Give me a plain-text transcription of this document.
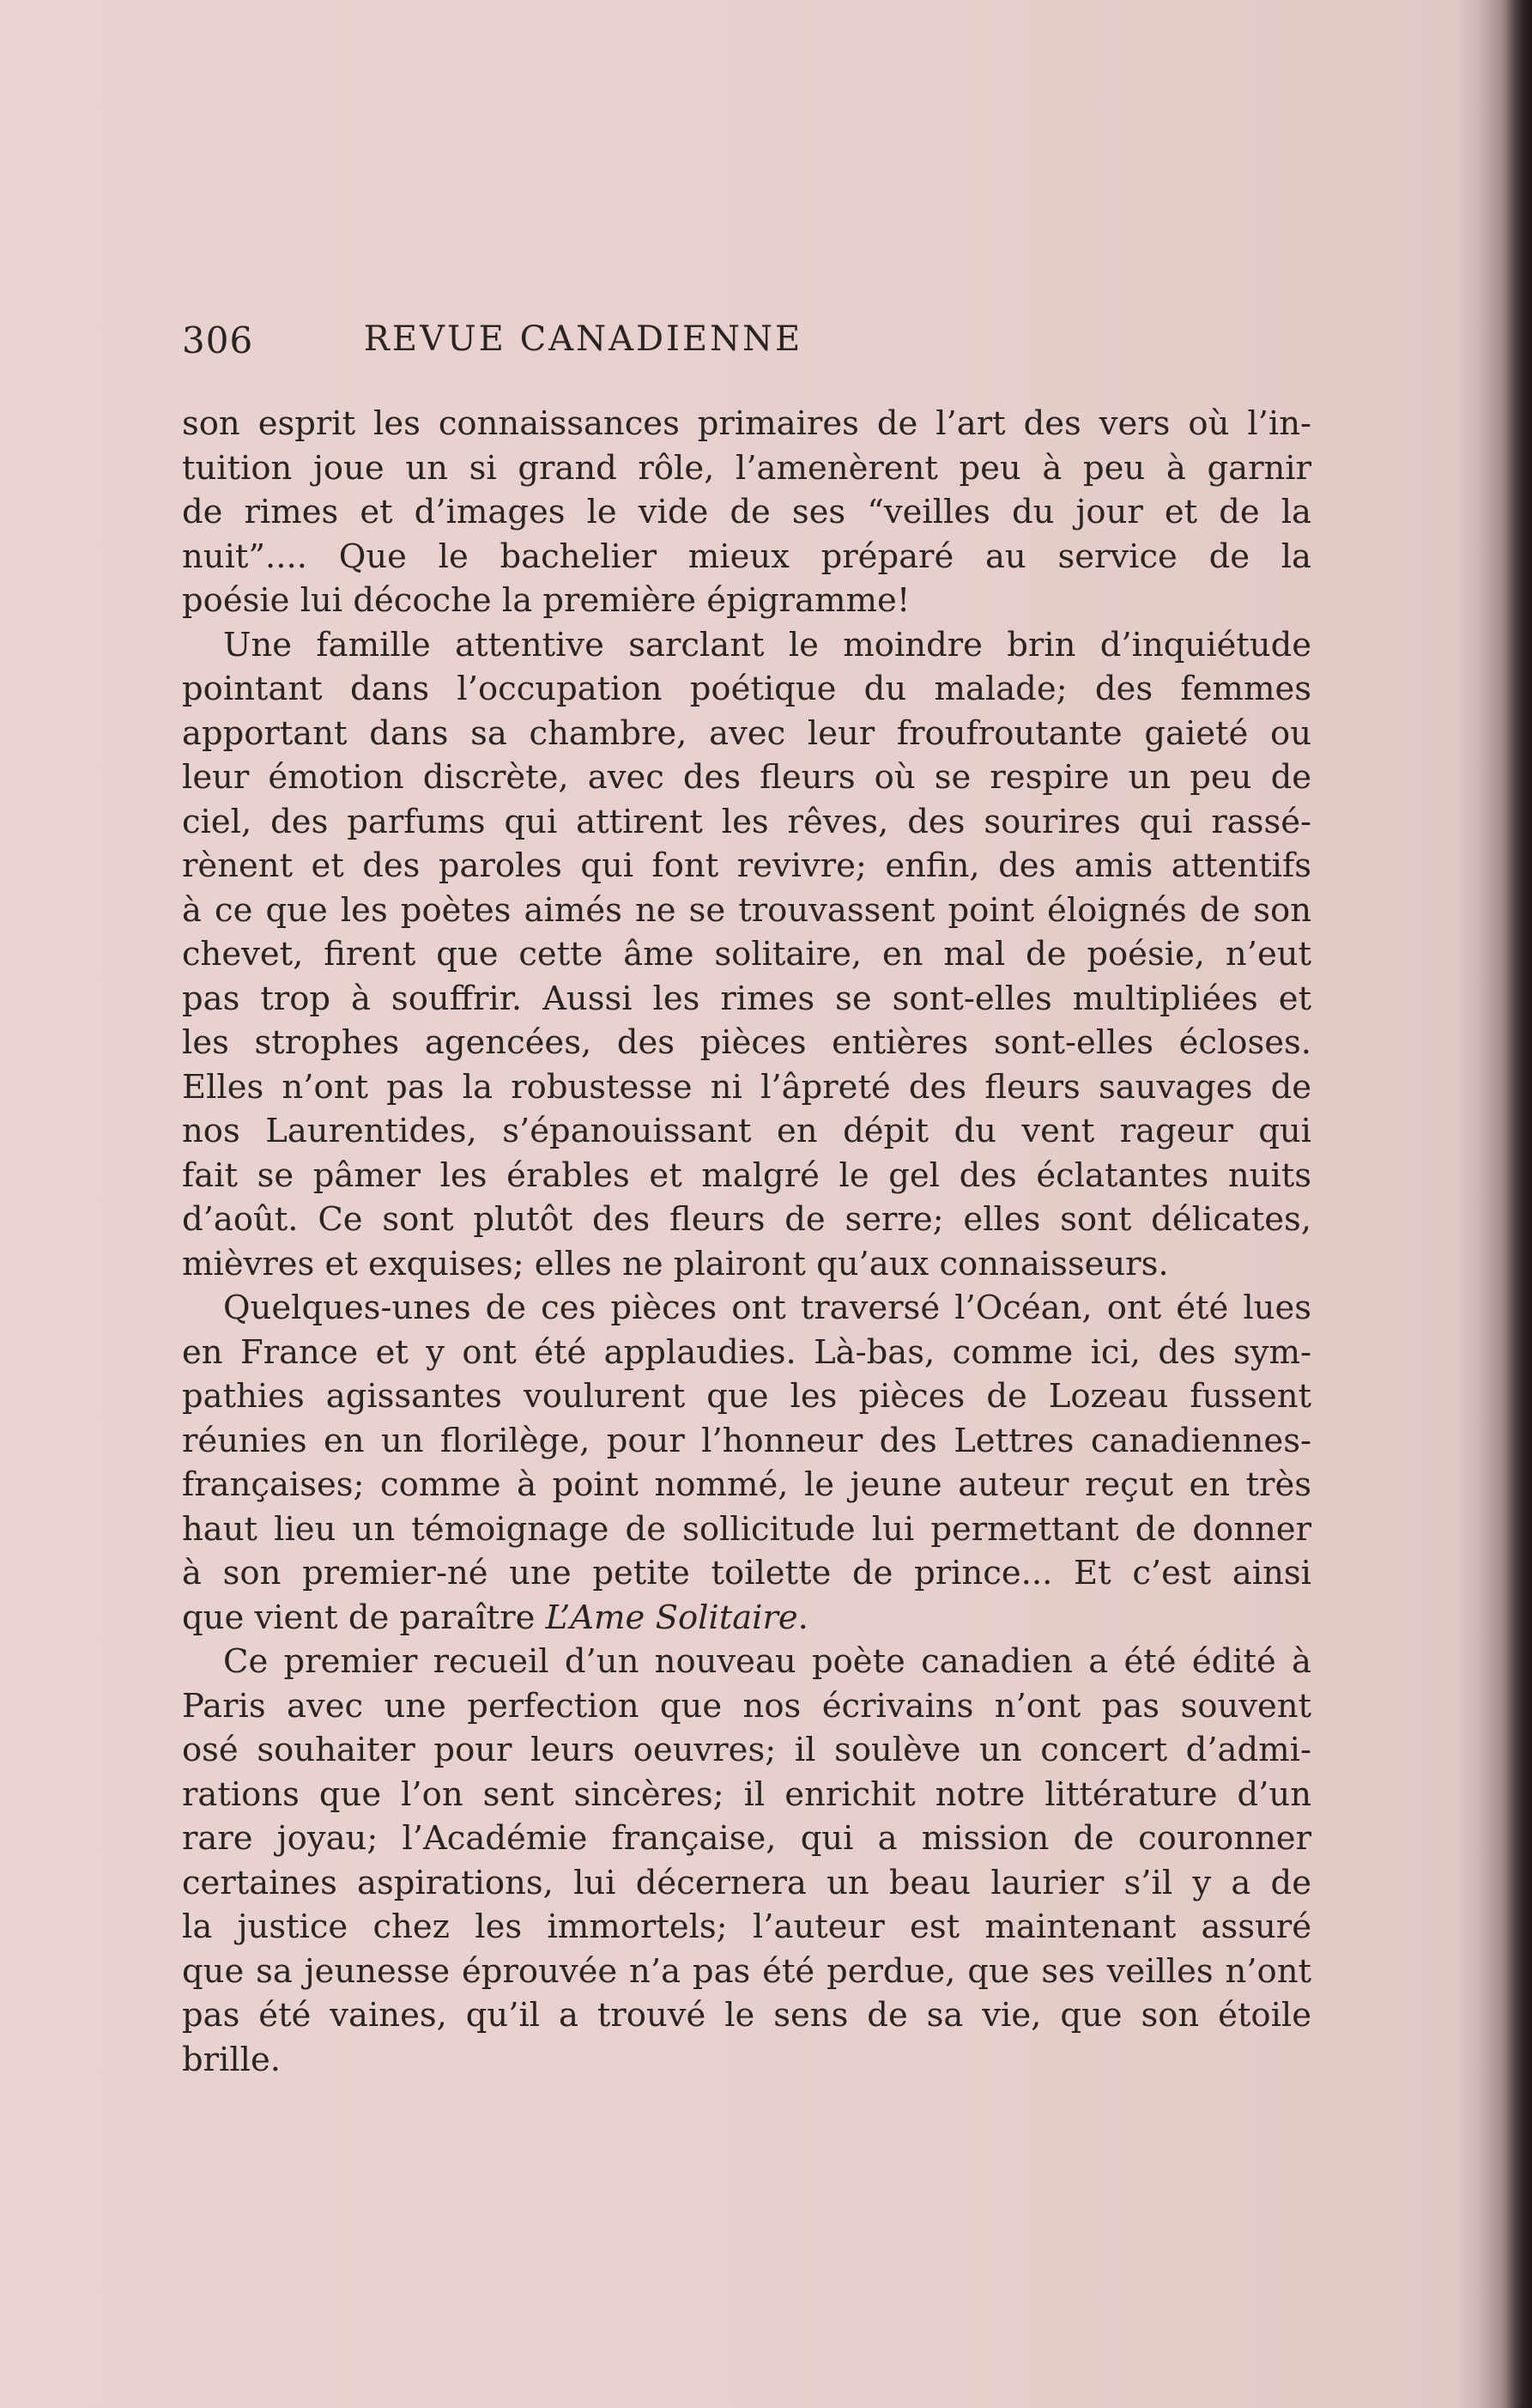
306	REVUE CANADIENNE

son esprit les connaissances primaires de l’art des vers où l’in-
tuition joue un si grand rôle, l’amenèrent peu à peu à garnir
de rimes et d’images le vide de ses “veilles du jour et de la
nuit”.... Que le bachelier mieux préparé au service de la
poésie lui décoche la première épigramme!

Une famille attentive sarclant le moindre brin d’inquiétude
pointant dans l’occupation poétique du malade; des femmes
apportant dans sa chambre, avec leur froufroutante gaieté ou
leur émotion discrète, avec des fleurs où se respire un peu de
ciel, des parfums qui attirent les rêves, des sourires qui rassé-
rènent et des paroles qui font revivre; enfin, des amis attentifs
à ce que les poètes aimés ne se trouvassent point éloignés de son
chevet, firent que cette âme solitaire, en mal de poésie, n’eut
pas trop à souffrir. Aussi les rimes se sont-elles multipliées et
les strophes agencées, des pièces entières sont-elles écloses.
Elles n’ont pas la robustesse ni l’âpreté des fleurs sauvages de
nos Laurentides, s’épanouissant en dépit du vent rageur qui
fait se pâmer les érables et malgré le gel des éclatantes nuits
d’août. Ce sont plutôt des fleurs de serre; elles sont délicates,
mièvres et exquises; elles ne plairont qu’aux connaisseurs.

Quelques-unes de ces pièces ont traversé l’Océan, ont été lues
en France et y ont été applaudies. Là-bas, comme ici, des sym-
pathies agissantes voulurent que les pièces de Lozeau fussent
réunies en un florilège, pour l’honneur des Lettres canadiennes-
françaises; comme à point nommé, le jeune auteur reçut en très
haut lieu un témoignage de sollicitude lui permettant de donner
à son premier-né une petite toilette de prince... Et c’est ainsi
que vient de paraître L’Ame Solitaire.

Ce premier recueil d’un nouveau poète canadien a été édité à
Paris avec une perfection que nos écrivains n’ont pas souvent
osé souhaiter pour leurs oeuvres; il soulève un concert d’admi-
rations que l’on sent sincères; il enrichit notre littérature d’un
rare joyau; l’Académie française, qui a mission de couronner
certaines aspirations, lui décernera un beau laurier s’il y a de
la justice chez les immortels; l’auteur est maintenant assuré
que sa jeunesse éprouvée n’a pas été perdue, que ses veilles n’ont
pas été vaines, qu’il a trouvé le sens de sa vie, que son étoile
brille.
